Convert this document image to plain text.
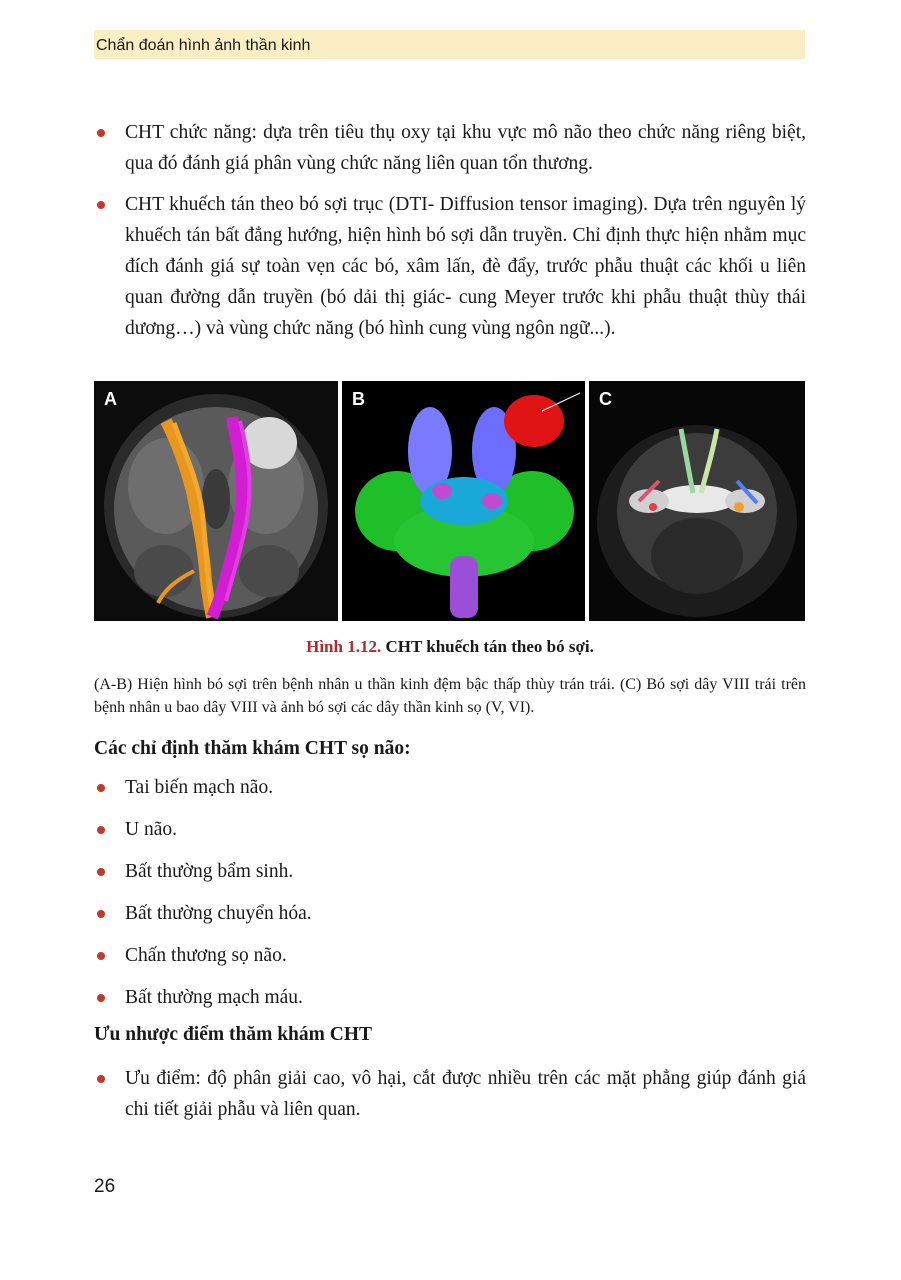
Chẩn đoán hình ảnh thần kinh
CHT chức năng: dựa trên tiêu thụ oxy tại khu vực mô não theo chức năng riêng biệt, qua đó đánh giá phân vùng chức năng liên quan tổn thương.
CHT khuếch tán theo bó sợi trục (DTI- Diffusion tensor imaging). Dựa trên nguyên lý khuếch tán bất đẳng hướng, hiện hình bó sợi dẫn truyền. Chỉ định thực hiện nhằm mục đích đánh giá sự toàn vẹn các bó, xâm lấn, đè đẩy, trước phẫu thuật các khối u liên quan đường dẫn truyền (bó dải thị giác- cung Meyer trước khi phẫu thuật thùy thái dương…) và vùng chức năng (bó hình cung vùng ngôn ngữ...).
A	B	C
Hình 1.12. CHT khuếch tán theo bó sợi.
(A-B) Hiện hình bó sợi trên bệnh nhân u thần kinh đệm bậc thấp thùy trán trái. (C) Bó sợi dây VIII trái trên bệnh nhân u bao dây VIII và ảnh bó sợi các dây thần kinh sọ (V, VI).
Các chỉ định thăm khám CHT sọ não:
Tai biến mạch não.
U não.
Bất thường bẩm sinh.
Bất thường chuyển hóa.
Chấn thương sọ não.
Bất thường mạch máu.
Ưu nhược điểm thăm khám CHT
Ưu điểm: độ phân giải cao, vô hại, cắt được nhiều trên các mặt phẳng giúp đánh giá chi tiết giải phẫu và liên quan.
26
